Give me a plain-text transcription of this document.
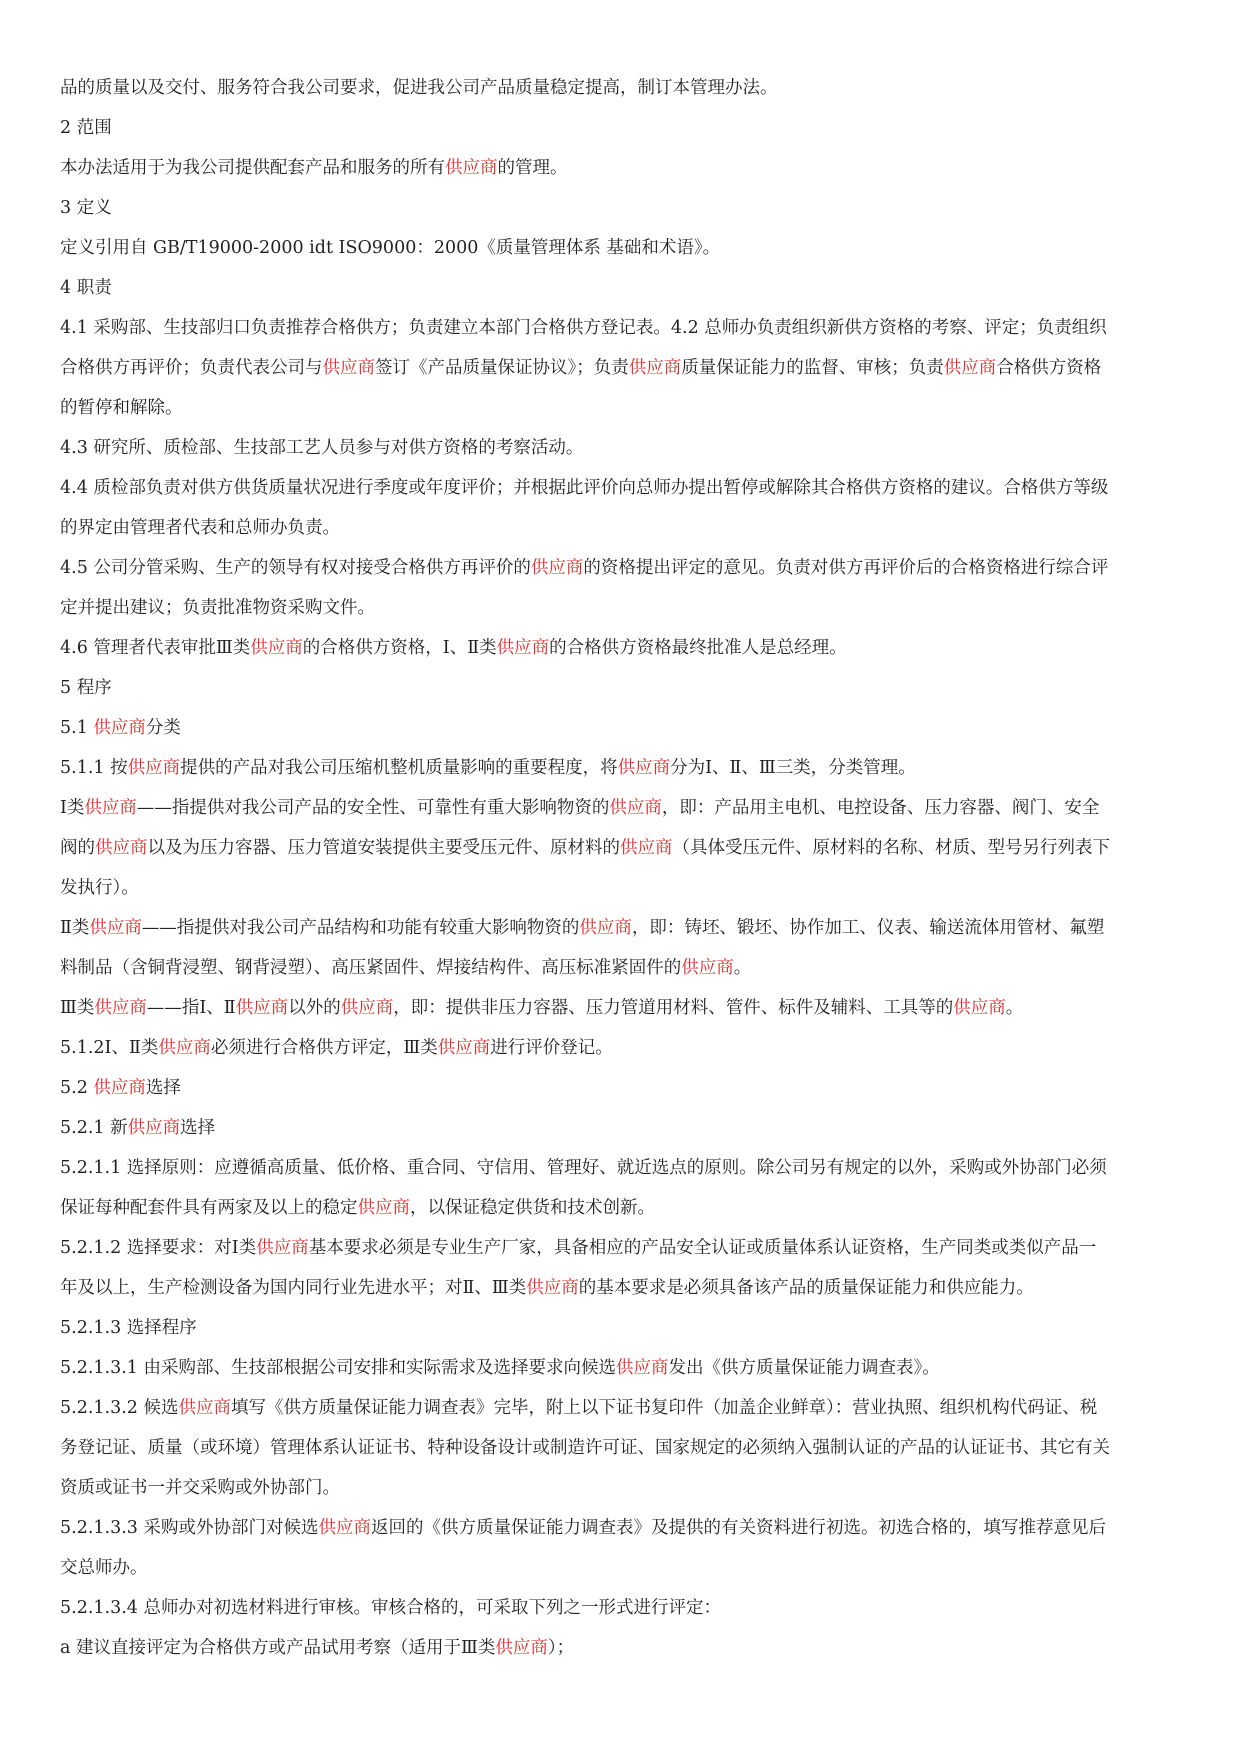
品的质量以及交付、服务符合我公司要求，促进我公司产品质量稳定提高，制订本管理办法。
2 范围
本办法适用于为我公司提供配套产品和服务的所有供应商的管理。
3 定义
定义引用自 GB/T19000-2000 idt ISO9000：2000《质量管理体系 基础和术语》。
4 职责
4.1 采购部、生技部归口负责推荐合格供方；负责建立本部门合格供方登记表。4.2 总师办负责组织新供方资格的考察、评定；负责组织
合格供方再评价；负责代表公司与供应商签订《产品质量保证协议》；负责供应商质量保证能力的监督、审核；负责供应商合格供方资格
的暂停和解除。
4.3 研究所、质检部、生技部工艺人员参与对供方资格的考察活动。
4.4 质检部负责对供方供货质量状况进行季度或年度评价；并根据此评价向总师办提出暂停或解除其合格供方资格的建议。合格供方等级
的界定由管理者代表和总师办负责。
4.5 公司分管采购、生产的领导有权对接受合格供方再评价的供应商的资格提出评定的意见。负责对供方再评价后的合格资格进行综合评
定并提出建议；负责批准物资采购文件。
4.6 管理者代表审批Ⅲ类供应商的合格供方资格，Ⅰ、Ⅱ类供应商的合格供方资格最终批准人是总经理。
5 程序
5.1 供应商分类
5.1.1 按供应商提供的产品对我公司压缩机整机质量影响的重要程度，将供应商分为Ⅰ、Ⅱ、Ⅲ三类，分类管理。
Ⅰ类供应商——指提供对我公司产品的安全性、可靠性有重大影响物资的供应商，即：产品用主电机、电控设备、压力容器、阀门、安全
阀的供应商以及为压力容器、压力管道安装提供主要受压元件、原材料的供应商（具体受压元件、原材料的名称、材质、型号另行列表下
发执行）。
Ⅱ类供应商——指提供对我公司产品结构和功能有较重大影响物资的供应商，即：铸坯、锻坯、协作加工、仪表、输送流体用管材、氟塑
料制品（含铜背浸塑、钢背浸塑）、高压紧固件、焊接结构件、高压标准紧固件的供应商。
Ⅲ类供应商——指Ⅰ、Ⅱ供应商以外的供应商，即：提供非压力容器、压力管道用材料、管件、标件及辅料、工具等的供应商。
5.1.2Ⅰ、Ⅱ类供应商必须进行合格供方评定，Ⅲ类供应商进行评价登记。
5.2 供应商选择
5.2.1 新供应商选择
5.2.1.1 选择原则：应遵循高质量、低价格、重合同、守信用、管理好、就近选点的原则。除公司另有规定的以外，采购或外协部门必须
保证每种配套件具有两家及以上的稳定供应商，以保证稳定供货和技术创新。
5.2.1.2 选择要求：对Ⅰ类供应商基本要求必须是专业生产厂家，具备相应的产品安全认证或质量体系认证资格，生产同类或类似产品一
年及以上，生产检测设备为国内同行业先进水平；对Ⅱ、Ⅲ类供应商的基本要求是必须具备该产品的质量保证能力和供应能力。
5.2.1.3 选择程序
5.2.1.3.1 由采购部、生技部根据公司安排和实际需求及选择要求向候选供应商发出《供方质量保证能力调查表》。
5.2.1.3.2 候选供应商填写《供方质量保证能力调查表》完毕，附上以下证书复印件（加盖企业鲜章）：营业执照、组织机构代码证、税
务登记证、质量（或环境）管理体系认证证书、特种设备设计或制造许可证、国家规定的必须纳入强制认证的产品的认证证书、其它有关
资质或证书一并交采购或外协部门。
5.2.1.3.3 采购或外协部门对候选供应商返回的《供方质量保证能力调查表》及提供的有关资料进行初选。初选合格的，填写推荐意见后
交总师办。
5.2.1.3.4 总师办对初选材料进行审核。审核合格的，可采取下列之一形式进行评定：
a 建议直接评定为合格供方或产品试用考察（适用于Ⅲ类供应商）；
